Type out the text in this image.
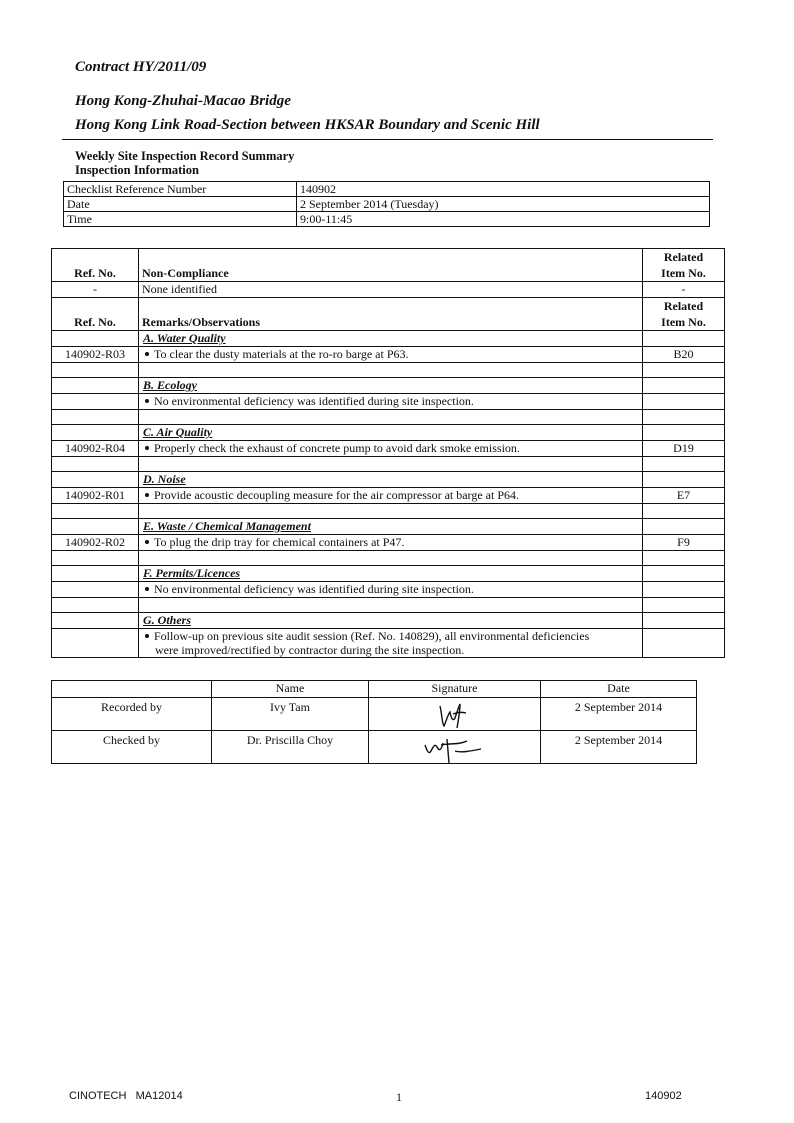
Contract HY/2011/09
Hong Kong-Zhuhai-Macao Bridge
Hong Kong Link Road-Section between HKSAR Boundary and Scenic Hill
Weekly Site Inspection Record Summary
Inspection Information
Checklist Reference Number	140902
Date	2 September 2014 (Tuesday)
Time	9:00-11:45
Ref. No.	Non-Compliance	Related
Item No.
-	None identified	-
Ref. No.	Remarks/Observations	Related
Item No.
	A. Water Quality	
140902-R03	To clear the dusty materials at the ro-ro barge at P63.	B20

	B. Ecology	
	No environmental deficiency was identified during site inspection.	

	C. Air Quality	
140902-R04	Properly check the exhaust of concrete pump to avoid dark smoke emission.	D19

	D. Noise	
140902-R01	Provide acoustic decoupling measure for the air compressor at barge at P64.	E7

	E. Waste / Chemical Management	
140902-R02	To plug the drip tray for chemical containers at P47.	F9

	F. Permits/Licences	
	No environmental deficiency was identified during site inspection.	

	G. Others	
	Follow-up on previous site audit session (Ref. No. 140829), all environmental deficiencies
were improved/rectified by contractor during the site inspection.	

	Name	Signature	Date
Recorded by	Ivy Tam		2 September 2014
Checked by	Dr. Priscilla Choy		2 September 2014
CINOTECH   MA12014	1	140902
